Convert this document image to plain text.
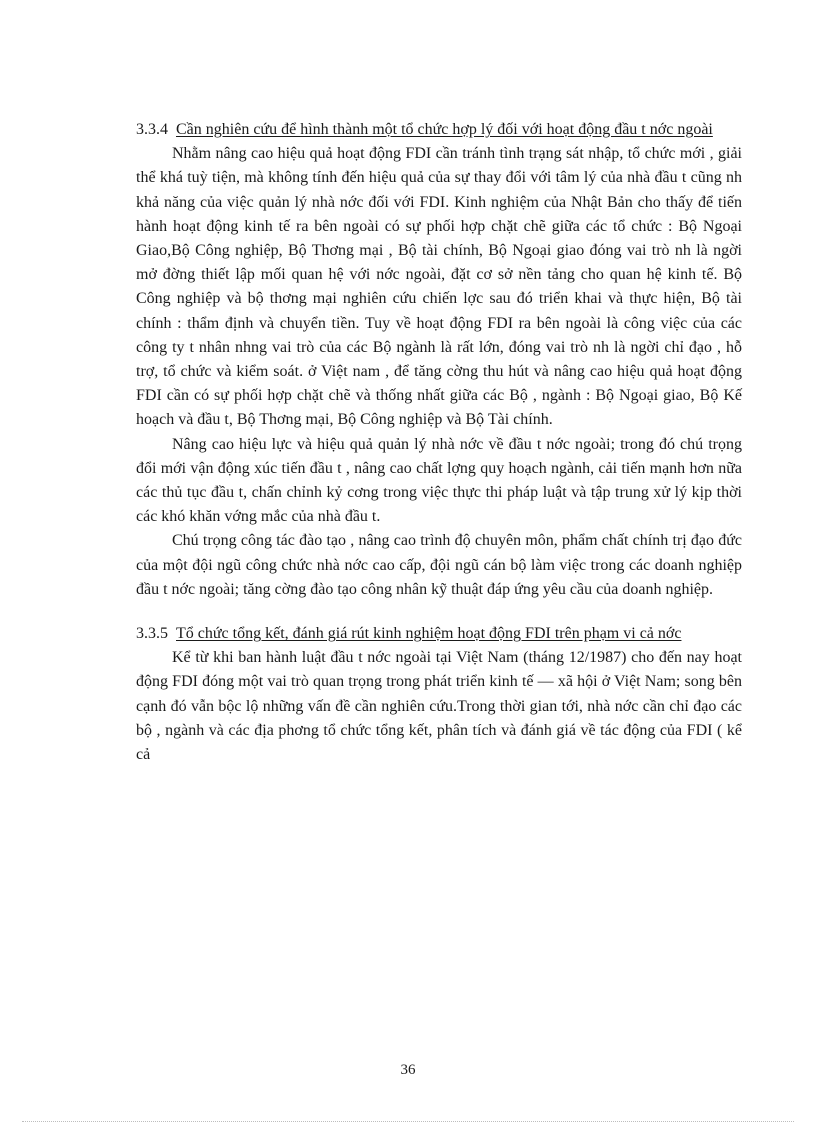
3.3.4 Cần nghiên cứu để hình thành một tổ chức hợp lý đối với hoạt động đầu t nớc ngoài

Nhằm nâng cao hiệu quả hoạt động FDI cần tránh tình trạng sát nhập, tổ chức mới , giải thể khá tuỳ tiện, mà không tính đến hiệu quả của sự thay đổi với tâm lý của nhà đầu t cũng nh khả năng của việc quản lý nhà nớc đối với FDI. Kinh nghiệm của Nhật Bản cho thấy để tiến hành hoạt động kinh tế ra bên ngoài có sự phối hợp chặt chẽ giữa các tổ chức : Bộ Ngoại Giao,Bộ Công nghiệp, Bộ Thơng mại , Bộ tài chính, Bộ Ngoại giao đóng vai trò nh là ngời mở đờng thiết lập mối quan hệ với nớc ngoài, đặt cơ sở nền tảng cho quan hệ kinh tế. Bộ Công nghiệp và bộ thơng mại nghiên cứu chiến lợc sau đó triển khai và thực hiện, Bộ tài chính : thẩm định và chuyển tiền. Tuy về hoạt động FDI ra bên ngoài là công việc của các công ty t nhân nhng vai trò của các Bộ ngành là rất lớn, đóng vai trò nh là ngời chỉ đạo , hỗ trợ, tổ chức và kiểm soát. ở Việt nam , để tăng cờng thu hút và nâng cao hiệu quả hoạt động FDI cần có sự phối hợp chặt chẽ và thống nhất giữa các Bộ , ngành : Bộ Ngoại giao, Bộ Kế hoạch và đầu t, Bộ Thơng mại, Bộ Công nghiệp và Bộ Tài chính.

Nâng cao hiệu lực và hiệu quả quản lý nhà nớc về đầu t nớc ngoài; trong đó chú trọng đổi mới vận động xúc tiến đầu t , nâng cao chất lợng quy hoạch ngành, cải tiến mạnh hơn nữa các thủ tục đầu t, chấn chỉnh kỷ cơng trong việc thực thi pháp luật và tập trung xử lý kịp thời các khó khăn vớng mắc của nhà đầu t.

Chú trọng công tác đào tạo , nâng cao trình độ chuyên môn, phẩm chất chính trị đạo đức của một đội ngũ công chức nhà nớc cao cấp, đội ngũ cán bộ làm việc trong các doanh nghiệp đầu t nớc ngoài; tăng cờng đào tạo công nhân kỹ thuật đáp ứng yêu cầu của doanh nghiệp.

3.3.5 Tổ chức tổng kết, đánh giá rút kinh nghiệm hoạt động FDI trên phạm vi cả nớc

Kể từ khi ban hành luật đầu t nớc ngoài tại Việt Nam (tháng 12/1987) cho đến nay hoạt động FDI đóng một vai trò quan trọng trong phát triển kinh tế — xã hội ở Việt Nam; song bên cạnh đó vẫn bộc lộ những vấn đề cần nghiên cứu.Trong thời gian tới, nhà nớc cần chỉ đạo các bộ , ngành và các địa phơng tổ chức tổng kết, phân tích và đánh giá về tác động của FDI ( kể cả

36
